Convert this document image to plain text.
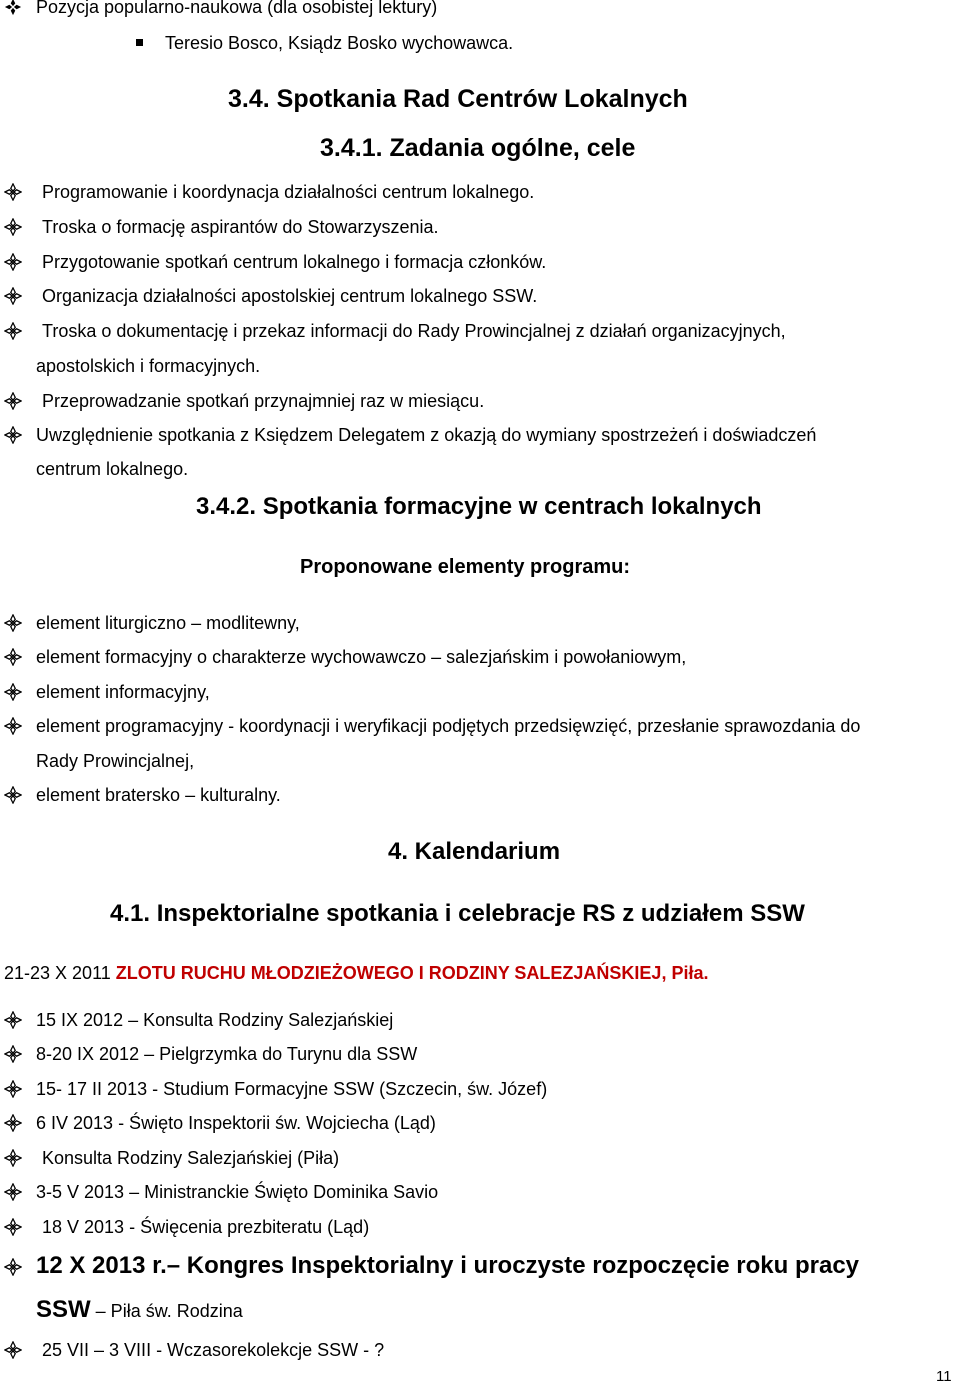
Pozycja popularno-naukowa (dla osobistej lektury)
Teresio Bosco, Ksiądz Bosko wychowawca.
3.4. Spotkania Rad Centrów Lokalnych
3.4.1. Zadania ogólne, cele
Programowanie i koordynacja działalności centrum lokalnego.
Troska o formację aspirantów do Stowarzyszenia.
Przygotowanie spotkań centrum lokalnego i formacja członków.
Organizacja działalności apostolskiej centrum lokalnego SSW.
Troska o dokumentację i przekaz informacji do Rady Prowincjalnej z działań organizacyjnych,
apostolskich i formacyjnych.
Przeprowadzanie spotkań przynajmniej raz w miesiącu.
Uwzględnienie spotkania z Księdzem Delegatem z okazją do wymiany spostrzeżeń i doświadczeń
centrum lokalnego.
3.4.2. Spotkania formacyjne w centrach lokalnych
Proponowane elementy programu:
element liturgiczno – modlitewny,
element formacyjny o charakterze wychowawczo – salezjańskim i powołaniowym,
element informacyjny,
element programacyjny - koordynacji i weryfikacji podjętych przedsięwzięć, przesłanie sprawozdania do
Rady Prowincjalnej,
element bratersko – kulturalny.
4. Kalendarium
4.1. Inspektorialne spotkania i celebracje RS z udziałem SSW
21-23 X 2011 ZLOTU RUCHU MŁODZIEŻOWEGO I RODZINY SALEZJAŃSKIEJ, Piła.
15 IX 2012 – Konsulta Rodziny Salezjańskiej
8-20 IX 2012 – Pielgrzymka do Turynu dla SSW
15- 17 II 2013 - Studium Formacyjne SSW (Szczecin, św. Józef)
6 IV 2013 - Święto Inspektorii św. Wojciecha (Ląd)
Konsulta Rodziny Salezjańskiej (Piła)
3-5 V 2013 – Ministranckie Święto Dominika Savio
18 V 2013 - Święcenia prezbiteratu (Ląd)
12 X 2013 r.– Kongres Inspektorialny i uroczyste rozpoczęcie roku pracy
SSW – Piła św. Rodzina
25 VII – 3 VIII - Wczasorekolekcje SSW - ?
11
